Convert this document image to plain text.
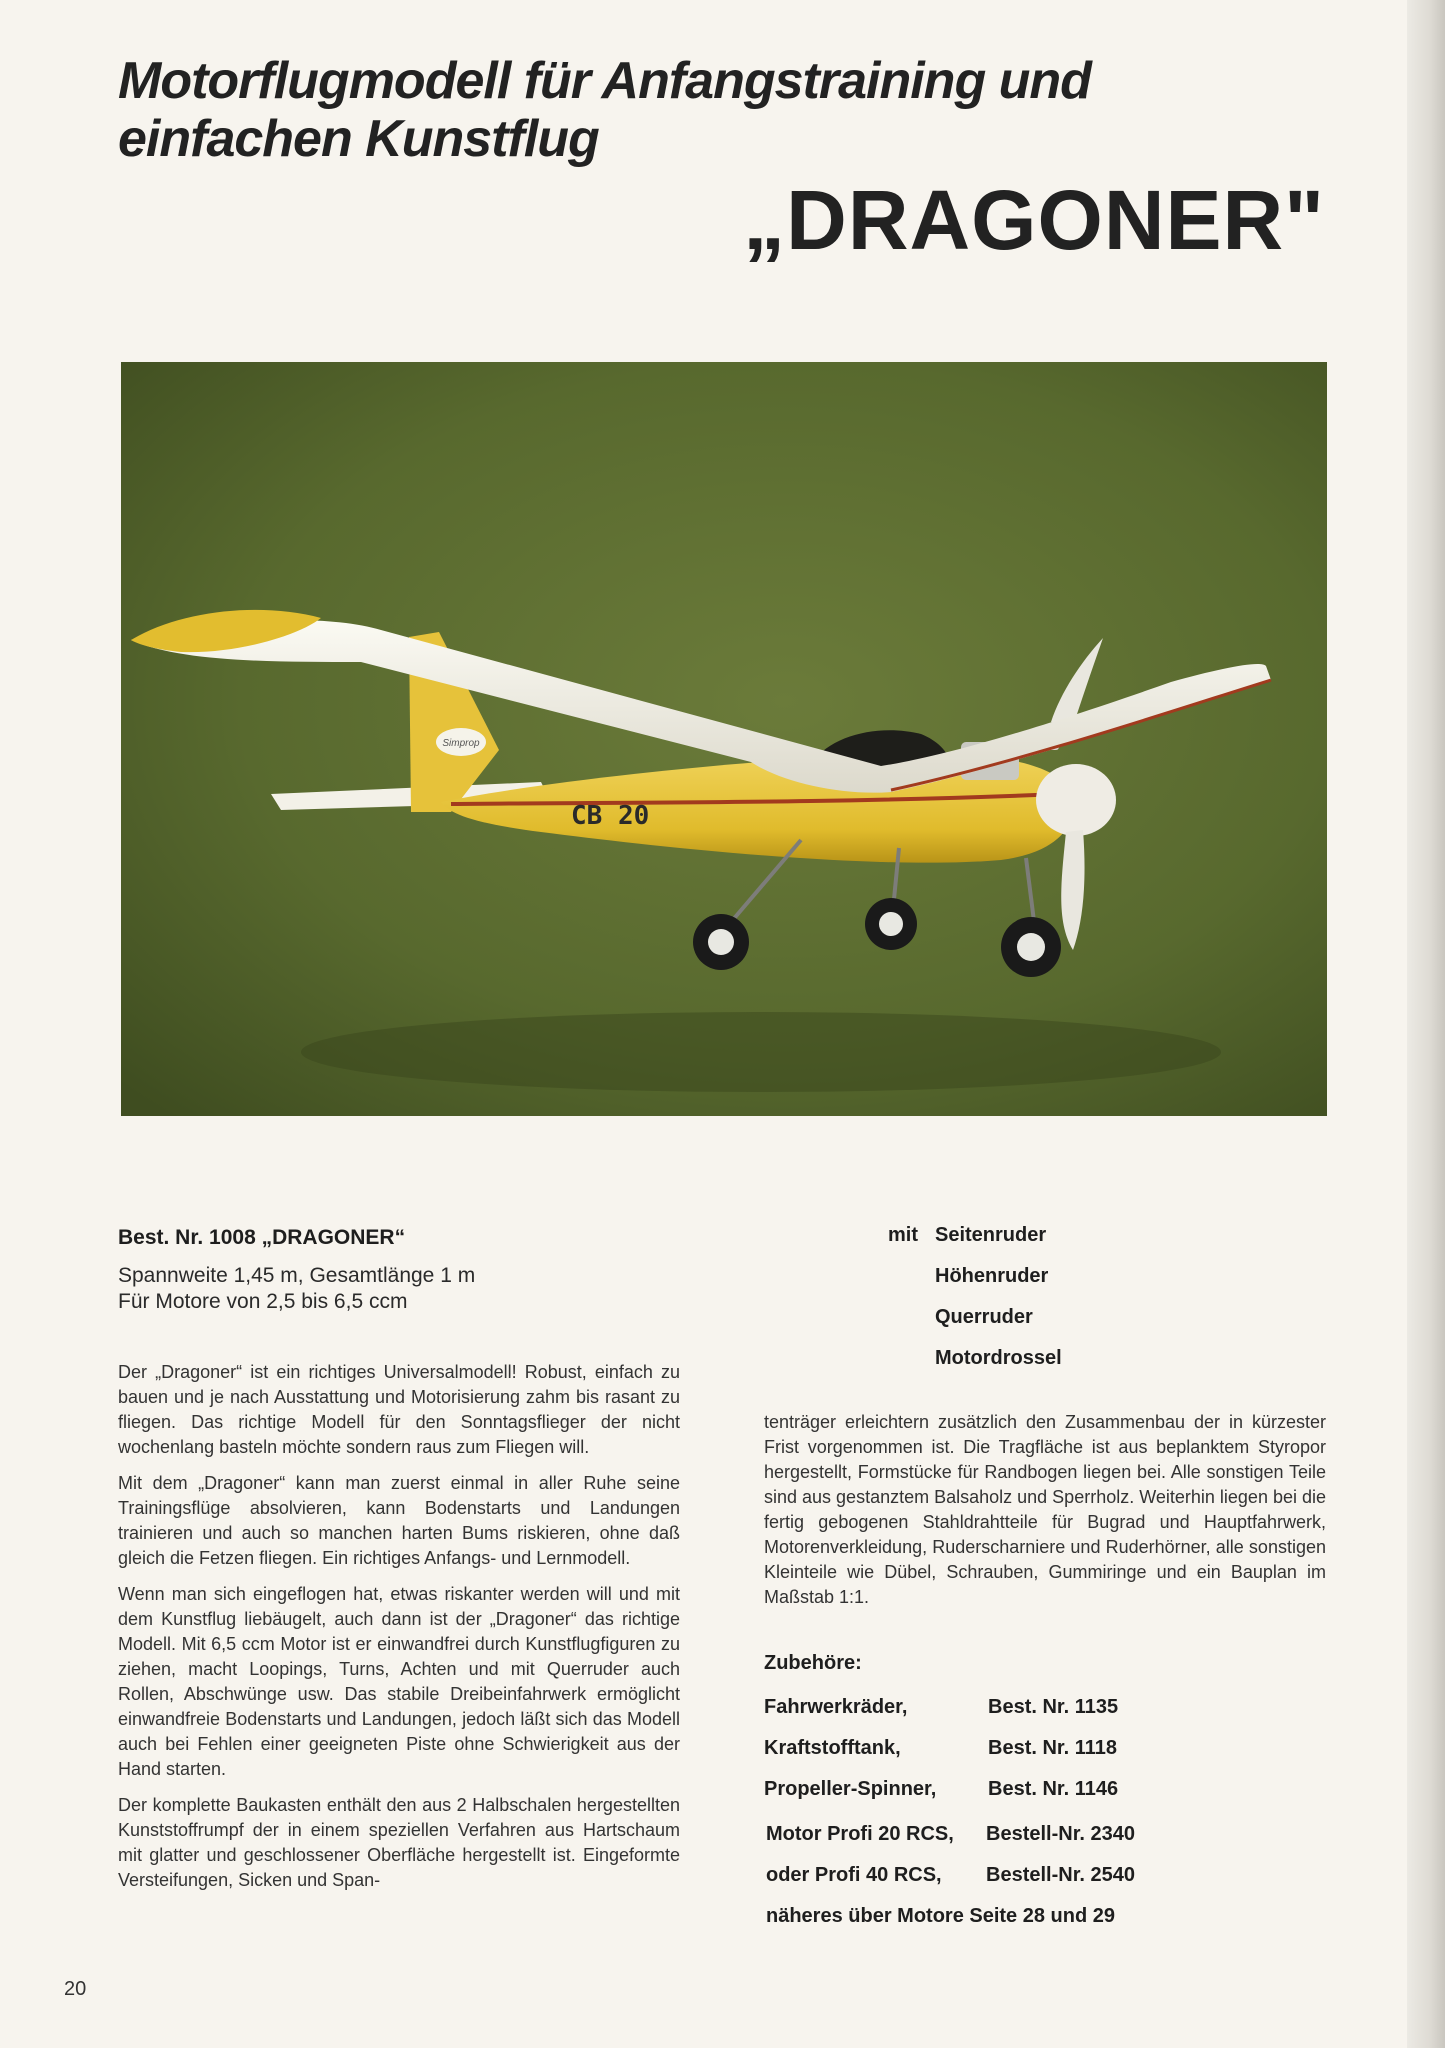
Motorflugmodell für Anfangstraining und
einfachen Kunstflug
„DRAGONER"
Simprop
CB 20
Best. Nr. 1008 „DRAGONER“
Spannweite 1,45 m, Gesamtlänge 1 m
Für Motore von 2,5 bis 6,5 ccm
mit Seitenruder
Höhenruder
Querruder
Motordrossel

Der „Dragoner“ ist ein richtiges Universalmodell! Robust, einfach zu bauen und je nach Ausstattung und Motorisierung zahm bis rasant zu fliegen. Das richtige Modell für den Sonntagsflieger der nicht wochenlang basteln möchte sondern raus zum Fliegen will.

Mit dem „Dragoner“ kann man zuerst einmal in aller Ruhe seine Trainingsflüge absolvieren, kann Bodenstarts und Landungen trainieren und auch so manchen harten Bums riskieren, ohne daß gleich die Fetzen fliegen. Ein richtiges Anfangs- und Lernmodell.

Wenn man sich eingeflogen hat, etwas riskanter werden will und mit dem Kunstflug liebäugelt, auch dann ist der „Dragoner“ das richtige Modell. Mit 6,5 ccm Motor ist er einwandfrei durch Kunstflugfiguren zu ziehen, macht Loopings, Turns, Achten und mit Querruder auch Rollen, Abschwünge usw. Das stabile Dreibeinfahrwerk ermöglicht einwandfreie Bodenstarts und Landungen, jedoch läßt sich das Modell auch bei Fehlen einer geeigneten Piste ohne Schwierigkeit aus der Hand starten.

Der komplette Baukasten enthält den aus 2 Halbschalen hergestellten Kunststoffrumpf der in einem speziellen Verfahren aus Hartschaum mit glatter und geschlossener Oberfläche hergestellt ist. Eingeformte Versteifungen, Sicken und Span-

tenträger erleichtern zusätzlich den Zusammenbau der in kürzester Frist vorgenommen ist. Die Tragfläche ist aus beplanktem Styropor hergestellt, Formstücke für Randbogen liegen bei. Alle sonstigen Teile sind aus gestanztem Balsaholz und Sperrholz. Weiterhin liegen bei die fertig gebogenen Stahldrahtteile für Bugrad und Hauptfahrwerk, Motorenverkleidung, Ruderscharniere und Ruderhörner, alle sonstigen Kleinteile wie Dübel, Schrauben, Gummiringe und ein Bauplan im Maßstab 1:1.

Zubehöre:
Fahrwerkräder,	Best. Nr. 1135
Kraftstofftank,	Best. Nr. 1118
Propeller-Spinner,	Best. Nr. 1146
Motor Profi 20 RCS, Bestell-Nr. 2340
oder Profi 40 RCS, Bestell-Nr. 2540
näheres über Motore Seite 28 und 29
20
